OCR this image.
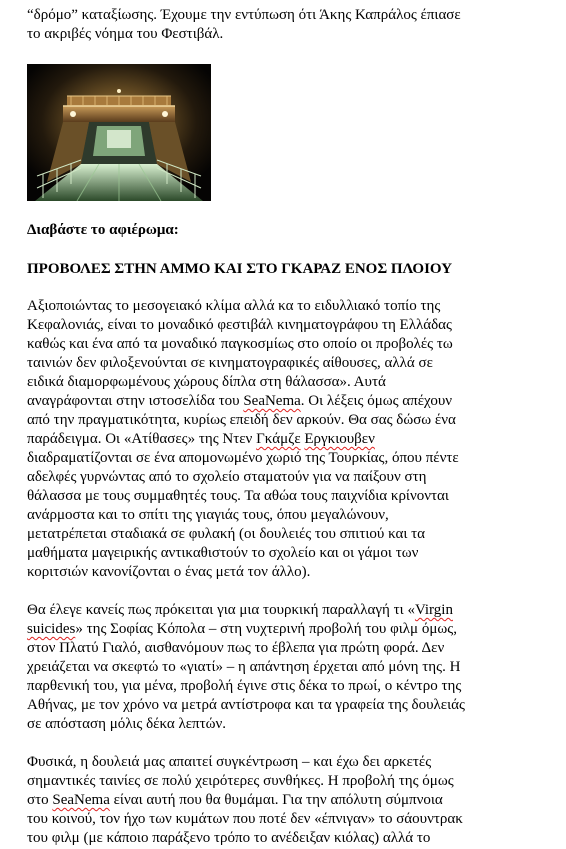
“δρόμο” καταξίωσης. Έχουμε την εντύπωση ότι Άκης Καπράλος έπιασε
το ακριβές νόημα του Φεστιβάλ.

Διαβάστε το αφιέρωμα:

ΠΡΟΒΟΛΕΣ ΣΤΗΝ ΑΜΜΟ ΚΑΙ ΣΤΟ ΓΚΑΡΑΖ ΕΝΟΣ ΠΛΟΙΟΥ

Αξιοποιώντας το μεσογειακό κλίμα αλλά κα το ειδυλλιακό τοπίο της
Κεφαλονιάς, είναι το μοναδικό φεστιβάλ κινηματογράφου τη Ελλάδας
καθώς και ένα από τα μοναδικό παγκοσμίως στο οποίο οι προβολές τω
ταινιών δεν φιλοξενούνται σε κινηματογραφικές αίθουσες, αλλά σε
ειδικά διαμορφωμένους χώρους δίπλα στη θάλασσα». Αυτά
αναγράφονται στην ιστοσελίδα του SeaNema. Οι λέξεις όμως απέχουν
από την πραγματικότητα, κυρίως επειδή δεν αρκούν. Θα σας δώσω ένα
παράδειγμα. Οι «Ατίθασες» της Ντεν Γκάμζε Εργκιουβεν
διαδραματίζονται σε ένα απομονωμένο χωριό της Τουρκίας, όπου πέντε
αδελφές γυρνώντας από το σχολείο σταματούν για να παίξουν στη
θάλασσα με τους συμμαθητές τους. Τα αθώα τους παιχνίδια κρίνονται
ανάρμοστα και το σπίτι της γιαγιάς τους, όπου μεγαλώνουν,
μετατρέπεται σταδιακά σε φυλακή (οι δουλειές του σπιτιού και τα
μαθήματα μαγειρικής αντικαθιστούν το σχολείο και οι γάμοι των
κοριτσιών κανονίζονται ο ένας μετά τον άλλο).

Θα έλεγε κανείς πως πρόκειται για μια τουρκική παραλλαγή τι «Virgin
suicides» της Σοφίας Κόπολα – στη νυχτερινή προβολή του φιλμ όμως,
στον Πλατύ Γιαλό, αισθανόμουν πως το έβλεπα για πρώτη φορά. Δεν
χρειάζεται να σκεφτώ το «γιατί» – η απάντηση έρχεται από μόνη της. Η
παρθενική του, για μένα, προβολή έγινε στις δέκα το πρωί, ο κέντρο της
Αθήνας, με τον χρόνο να μετρά αντίστροφα και τα γραφεία της δουλειάς
σε απόσταση μόλις δέκα λεπτών.

Φυσικά, η δουλειά μας απαιτεί συγκέντρωση – και έχω δει αρκετές
σημαντικές ταινίες σε πολύ χειρότερες συνθήκες. Η προβολή της όμως
στο SeaNema είναι αυτή που θα θυμάμαι. Για την απόλυτη σύμπνοια
του κοινού, τον ήχο των κυμάτων που ποτέ δεν «έπνιγαν» το σάουντρακ
του φιλμ (με κάποιο παράξενο τρόπο το ανέδειξαν κιόλας) αλλά το
